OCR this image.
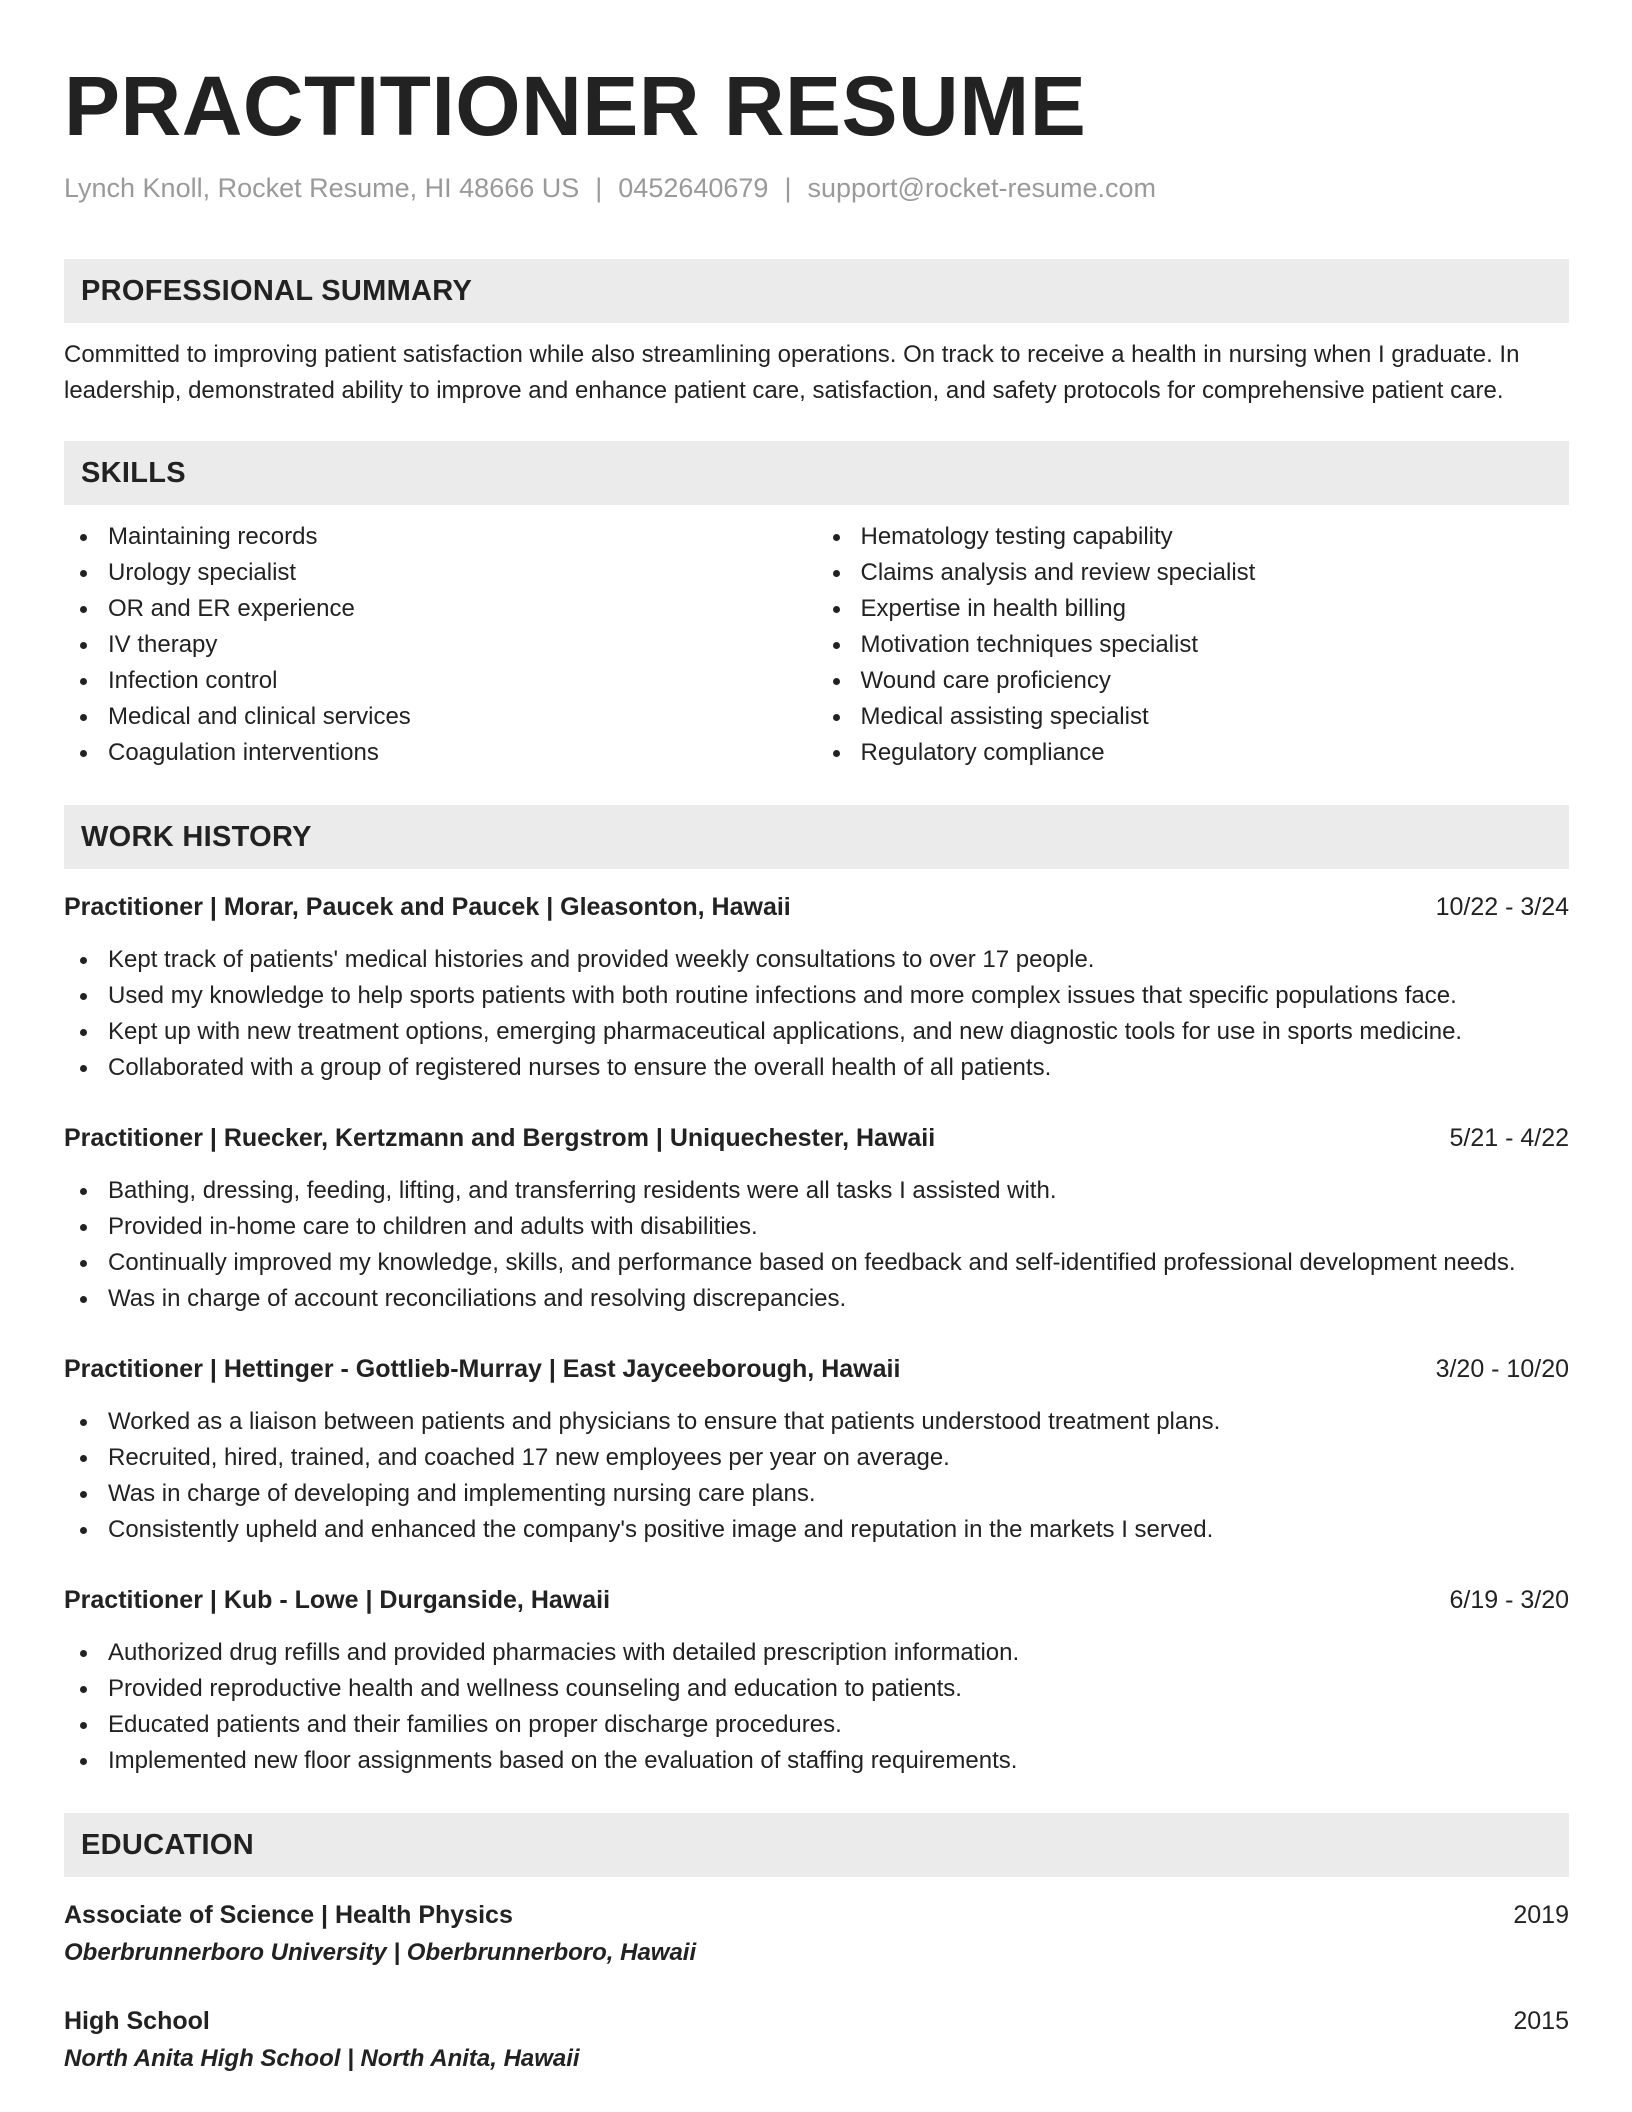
PRACTITIONER RESUME
Lynch Knoll, Rocket Resume, HI 48666 US | 0452640679 | support@rocket-resume.com
PROFESSIONAL SUMMARY

Committed to improving patient satisfaction while also streamlining operations. On track to receive a health in nursing when I graduate. In leadership, demonstrated ability to improve and enhance patient care, satisfaction, and safety protocols for comprehensive patient care.

SKILLS
Maintaining records
Urology specialist
OR and ER experience
IV therapy
Infection control
Medical and clinical services
Coagulation interventions
Hematology testing capability
Claims analysis and review specialist
Expertise in health billing
Motivation techniques specialist
Wound care proficiency
Medical assisting specialist
Regulatory compliance
WORK HISTORY
Practitioner | Morar, Paucek and Paucek | Gleasonton, Hawaii	10/22 - 3/24
Kept track of patients' medical histories and provided weekly consultations to over 17 people.
Used my knowledge to help sports patients with both routine infections and more complex issues that specific populations face.
Kept up with new treatment options, emerging pharmaceutical applications, and new diagnostic tools for use in sports medicine.
Collaborated with a group of registered nurses to ensure the overall health of all patients.
Practitioner | Ruecker, Kertzmann and Bergstrom | Uniquechester, Hawaii	5/21 - 4/22
Bathing, dressing, feeding, lifting, and transferring residents were all tasks I assisted with.
Provided in-home care to children and adults with disabilities.
Continually improved my knowledge, skills, and performance based on feedback and self-identified professional development needs.
Was in charge of account reconciliations and resolving discrepancies.
Practitioner | Hettinger - Gottlieb-Murray | East Jayceeborough, Hawaii	3/20 - 10/20
Worked as a liaison between patients and physicians to ensure that patients understood treatment plans.
Recruited, hired, trained, and coached 17 new employees per year on average.
Was in charge of developing and implementing nursing care plans.
Consistently upheld and enhanced the company's positive image and reputation in the markets I served.
Practitioner | Kub - Lowe | Durganside, Hawaii	6/19 - 3/20
Authorized drug refills and provided pharmacies with detailed prescription information.
Provided reproductive health and wellness counseling and education to patients.
Educated patients and their families on proper discharge procedures.
Implemented new floor assignments based on the evaluation of staffing requirements.
EDUCATION
Associate of Science | Health Physics	2019
Oberbrunnerboro University | Oberbrunnerboro, Hawaii
High School	2015
North Anita High School | North Anita, Hawaii
